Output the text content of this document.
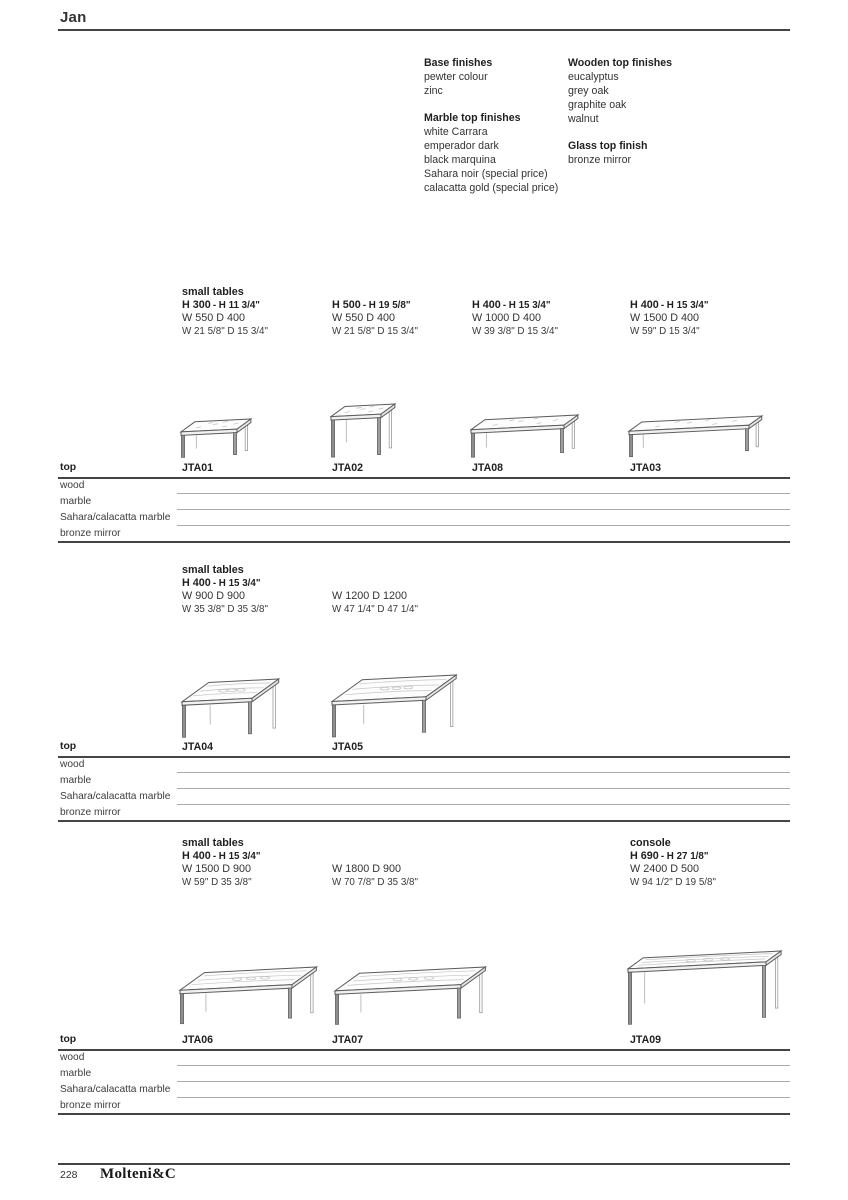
Jan
Base finishes
pewter colour
zinc
Marble top finishes
white Carrara
emperador dark
black marquina
Sahara noir (special price)
calacatta gold (special price)
Wooden top finishes
eucalyptus
grey oak
graphite oak
walnut
Glass top finish
bronze mirror
small tables
H 300 - H 11 3/4"
W 550 D 400
W 21 5/8" D 15 3/4"
H 500 - H 19 5/8"
W 550 D 400
W 21 5/8" D 15 3/4"
H 400 - H 15 3/4"
W 1000 D 400
W 39 3/8" D 15 3/4"
H 400 - H 15 3/4"
W 1500 D 400
W 59" D 15 3/4"
top	JTA01	JTA02	JTA08	JTA03
wood
marble
Sahara/calacatta marble
bronze mirror
small tables
H 400 - H 15 3/4"
W 900 D 900
W 35 3/8" D 35 3/8"
W 1200 D 1200
W 47 1/4" D 47 1/4"
top	JTA04	JTA05
wood
marble
Sahara/calacatta marble
bronze mirror
small tables
H 400 - H 15 3/4"
W 1500 D 900
W 59" D 35 3/8"
W 1800 D 900
W 70 7/8" D 35 3/8"
console
H 690 - H 27 1/8"
W 2400 D 500
W 94 1/2" D 19 5/8"
top	JTA06	JTA07	JTA09
wood
marble
Sahara/calacatta marble
bronze mirror
228 Molteni&C
